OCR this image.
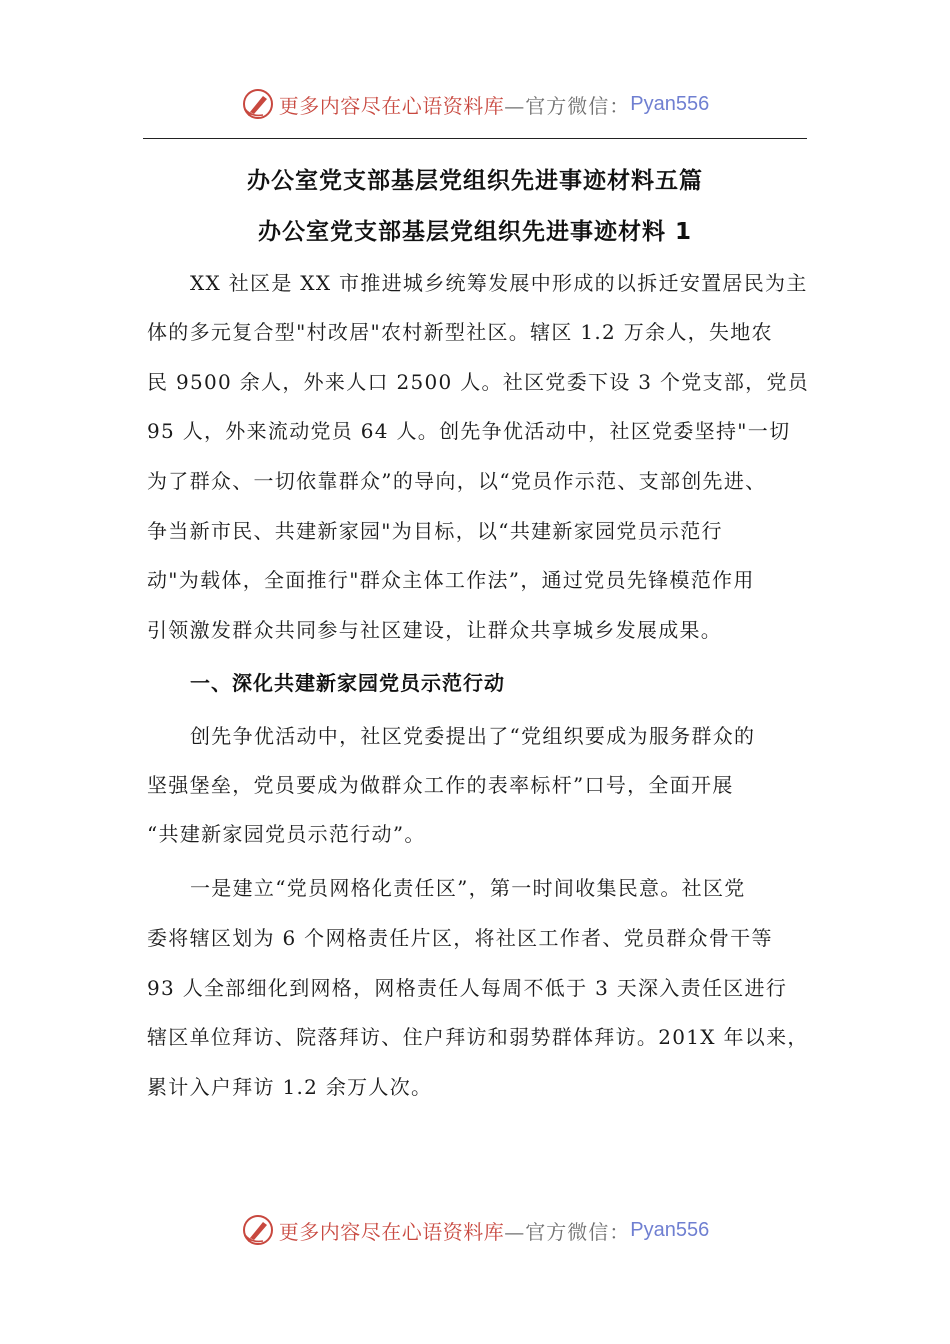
更多内容尽在心语资料库 —官方微信： Pyan556
办公室党支部基层党组织先进事迹材料五篇
办公室党支部基层党组织先进事迹材料 1
XX 社区是 XX 市推进城乡统筹发展中形成的以拆迁安置居民为主
体的多元复合型"村改居"农村新型社区。辖区 1.2 万余人，失地农
民 9500 余人，外来人口 2500 人。社区党委下设 3 个党支部，党员
95 人，外来流动党员 64 人。创先争优活动中，社区党委坚持"一切
为了群众、一切依靠群众”的导向，以“党员作示范、支部创先进、
争当新市民、共建新家园"为目标，以“共建新家园党员示范行
动"为载体，全面推行"群众主体工作法”，通过党员先锋模范作用
引领激发群众共同参与社区建设，让群众共享城乡发展成果。
一、深化共建新家园党员示范行动
创先争优活动中，社区党委提出了“党组织要成为服务群众的
坚强堡垒，党员要成为做群众工作的表率标杆”口号，全面开展
“共建新家园党员示范行动”。
一是建立“党员网格化责任区”，第一时间收集民意。社区党
委将辖区划为 6 个网格责任片区，将社区工作者、党员群众骨干等
93 人全部细化到网格，网格责任人每周不低于 3 天深入责任区进行
辖区单位拜访、院落拜访、住户拜访和弱势群体拜访。201X 年以来，
累计入户拜访 1.2 余万人次。
更多内容尽在心语资料库 —官方微信： Pyan556
